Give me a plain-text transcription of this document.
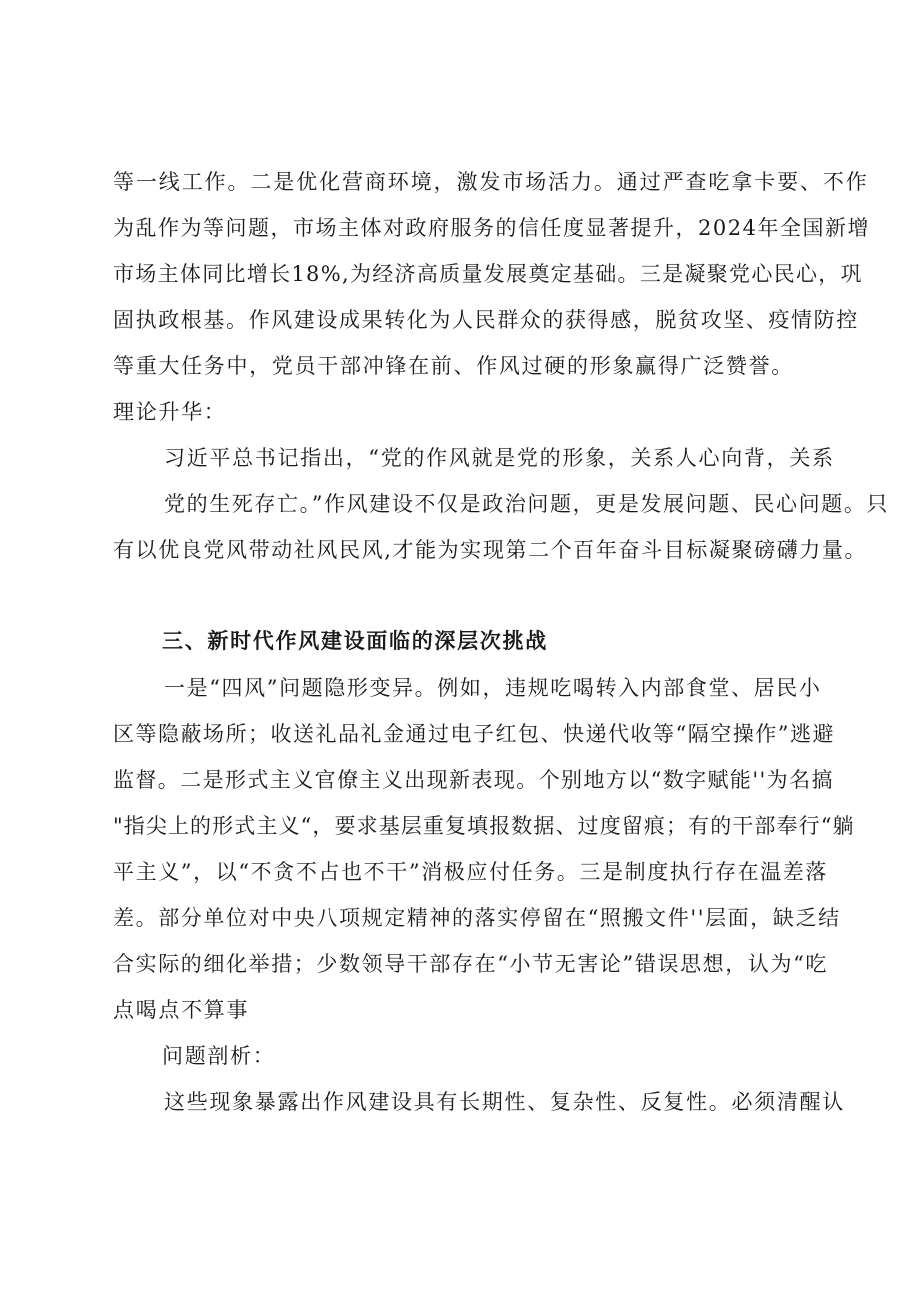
等一线工作。二是优化营商环境，激发市场活力。通过严查吃拿卡要、不作
为乱作为等问题，市场主体对政府服务的信任度显著提升，2024年全国新增
市场主体同比增长18%,为经济高质量发展奠定基础。三是凝聚党心民心，巩
固执政根基。作风建设成果转化为人民群众的获得感，脱贫攻坚、疫情防控
等重大任务中，党员干部冲锋在前、作风过硬的形象赢得广泛赞誉。
理论升华：
习近平总书记指出，“党的作风就是党的形象，关系人心向背，关系
党的生死存亡。”作风建设不仅是政治问题，更是发展问题、民心问题。只
有以优良党风带动社风民风,才能为实现第二个百年奋斗目标凝聚磅礴力量。
三、新时代作风建设面临的深层次挑战
一是“四风”问题隐形变异。例如，违规吃喝转入内部食堂、居民小
区等隐蔽场所；收送礼品礼金通过电子红包、快递代收等“隔空操作”逃避
监督。二是形式主义官僚主义出现新表现。个别地方以“数字赋能''为名搞
"指尖上的形式主义“，要求基层重复填报数据、过度留痕；有的干部奉行“躺
平主义”，以“不贪不占也不干”消极应付任务。三是制度执行存在温差落
差。部分单位对中央八项规定精神的落实停留在“照搬文件''层面，缺乏结
合实际的细化举措；少数领导干部存在“小节无害论”错误思想，认为“吃
点喝点不算事
问题剖析：
这些现象暴露出作风建设具有长期性、复杂性、反复性。必须清醒认
